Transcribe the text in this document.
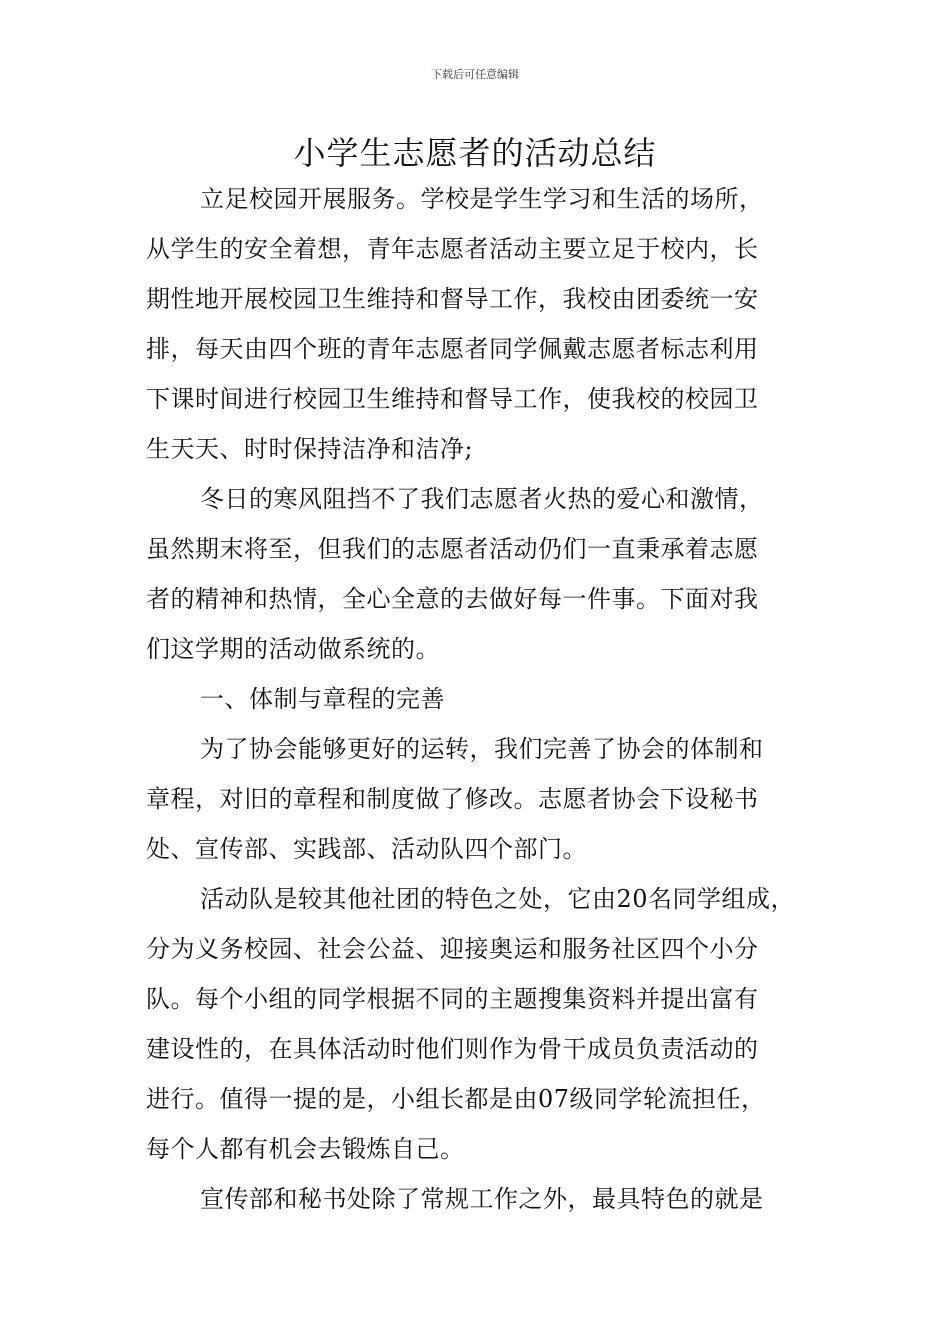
下载后可任意编辑
小学生志愿者的活动总结
立足校园开展服务。学校是学生学习和生活的场所，
从学生的安全着想，青年志愿者活动主要立足于校内，长
期性地开展校园卫生维持和督导工作，我校由团委统一安
排，每天由四个班的青年志愿者同学佩戴志愿者标志利用
下课时间进行校园卫生维持和督导工作，使我校的校园卫
生天天、时时保持洁净和洁净;
冬日的寒风阻挡不了我们志愿者火热的爱心和激情，
虽然期末将至，但我们的志愿者活动仍们一直秉承着志愿
者的精神和热情，全心全意的去做好每一件事。下面对我
们这学期的活动做系统的。
一、体制与章程的完善
为了协会能够更好的运转，我们完善了协会的体制和
章程，对旧的章程和制度做了修改。志愿者协会下设秘书
处、宣传部、实践部、活动队四个部门。
活动队是较其他社团的特色之处，它由20名同学组成，
分为义务校园、社会公益、迎接奥运和服务社区四个小分
队。每个小组的同学根据不同的主题搜集资料并提出富有
建设性的，在具体活动时他们则作为骨干成员负责活动的
进行。值得一提的是，小组长都是由07级同学轮流担任，
每个人都有机会去锻炼自己。
宣传部和秘书处除了常规工作之外，最具特色的就是
